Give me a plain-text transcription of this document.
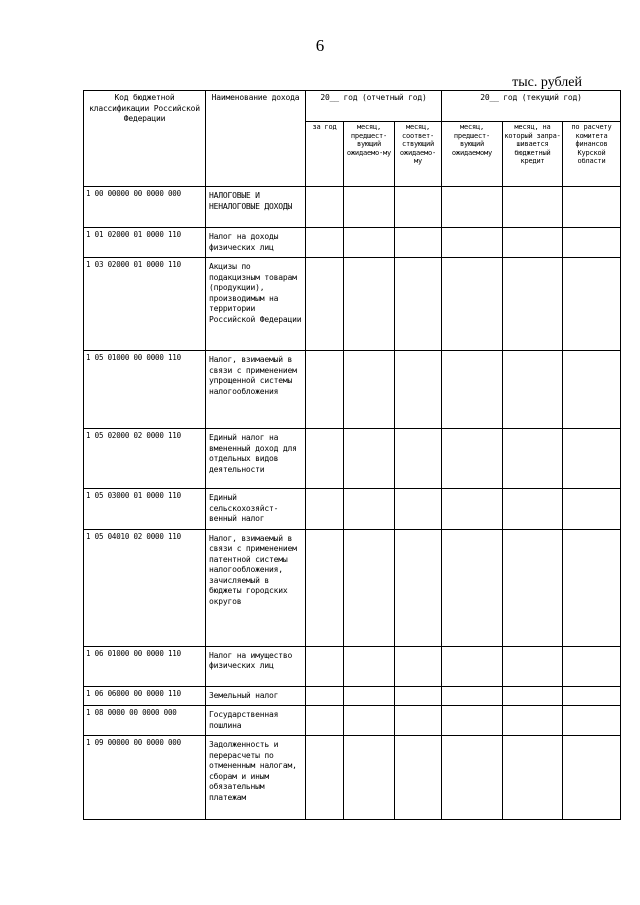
6
тыс. рублей
Код бюджетной классификации Российской Федерации	Наименование дохода	20__ год (отчетный год)			20__ год (текущий год)		
		за год	месяц, предшест-вующий ожидаемо-му	месяц, соответ-ствующий ожидаемо-му	месяц, предшест-вующий ожидаемому	месяц, на который запра-шивается бюджетный кредит	по расчету комитета финансов Курской области
1 00 00000 00 0000 000	НАЛОГОВЫЕ И НЕНАЛОГОВЫЕ ДОХОДЫ						
1 01 02000 01 0000 110	Налог на доходы физических лиц						
1 03 02000 01 0000 110	Акцизы по подакцизным товарам (продукции), производимым на территории Российской Федерации						
1 05 01000 00 0000 110	Налог, взимаемый в связи с применением упрощенной системы налогообложения						
1 05 02000 02 0000 110	Единый налог на вмененный доход для отдельных видов деятельности						
1 05 03000 01 0000 110	Единый сельскохозяйст-венный налог						
1 05 04010 02 0000 110	Налог, взимаемый в связи с применением патентной системы налогообложения, зачисляемый в бюджеты городских округов						
1 06 01000 00 0000 110	Налог на имущество физических лиц						
1 06 06000 00 0000 110	Земельный налог						
1 08 0000 00 0000 000	Государственная пошлина						
1 09 00000 00 0000 000	Задолженность и перерасчеты по отмененным налогам, сборам и иным обязательным платежам						
